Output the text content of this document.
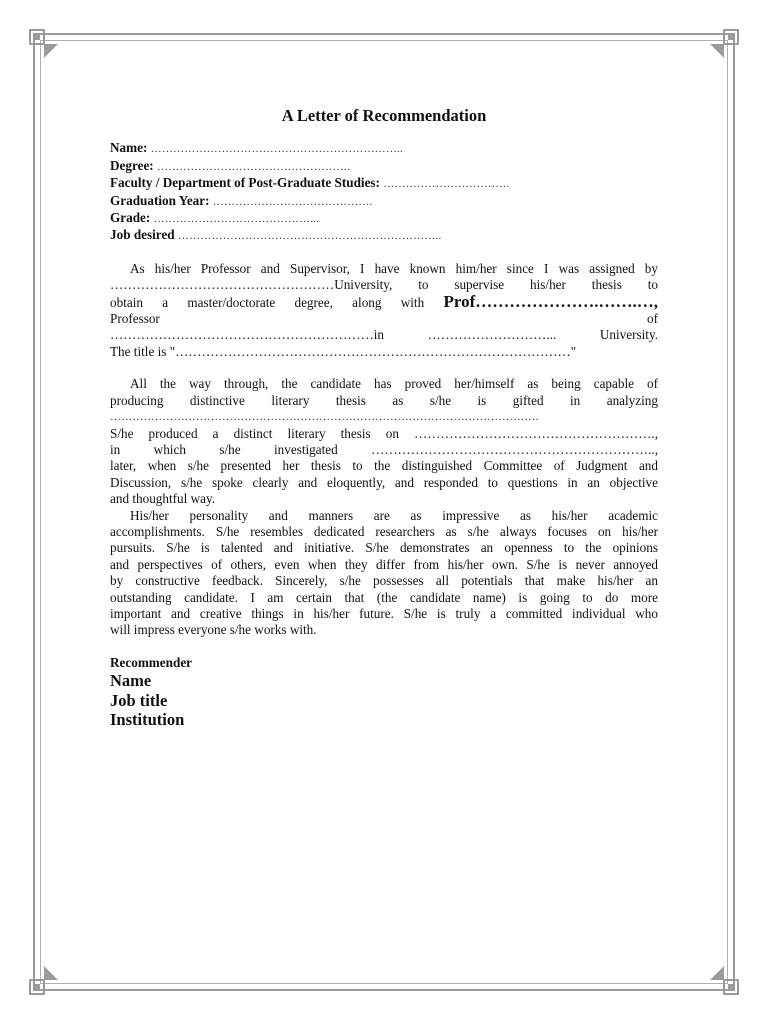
A Letter of Recommendation

Name: …………………………………………………………..

Degree: …………………………………………….

Faculty / Department of Post-Graduate Studies: …………………………….

Graduation Year: …………………………………….

Grade: ……………………………………...

Job desired ……………………………………………………………..

As his/her Professor and Supervisor, I have known him/her since I was assigned by

……………………………………………University, to supervise his/her thesis to

obtain a master/doctorate degree, along with Prof………………….…….…,

Professor	of

……………………………………………………in	………………………... University.

The title is "………………………………………………………………………………"

All the way through, the candidate has proved her/himself as being capable of

producing distinctive literary thesis as s/he is gifted in analyzing

…………………………………………………………………………………………………….

S/he produced a distinct literary thesis on ……………………………………………….,

in which s/he investigated ………………………………………………………..,

later, when s/he presented her thesis to the distinguished Committee of Judgment and

Discussion, s/he spoke clearly and eloquently, and responded to questions in an objective

and thoughtful way.

His/her personality and manners are as impressive as his/her academic

accomplishments. S/he resembles dedicated researchers as s/he always focuses on his/her

pursuits. S/he is talented and initiative. S/he demonstrates an openness to the opinions

and perspectives of others, even when they differ from his/her own. S/he is never annoyed

by constructive feedback. Sincerely, s/he possesses all potentials that make his/her an

outstanding candidate. I am certain that (the candidate name) is going to do more

important and creative things in his/her future. S/he is truly a committed individual who

will impress everyone s/he works with.

Recommender

Name

Job title

Institution
